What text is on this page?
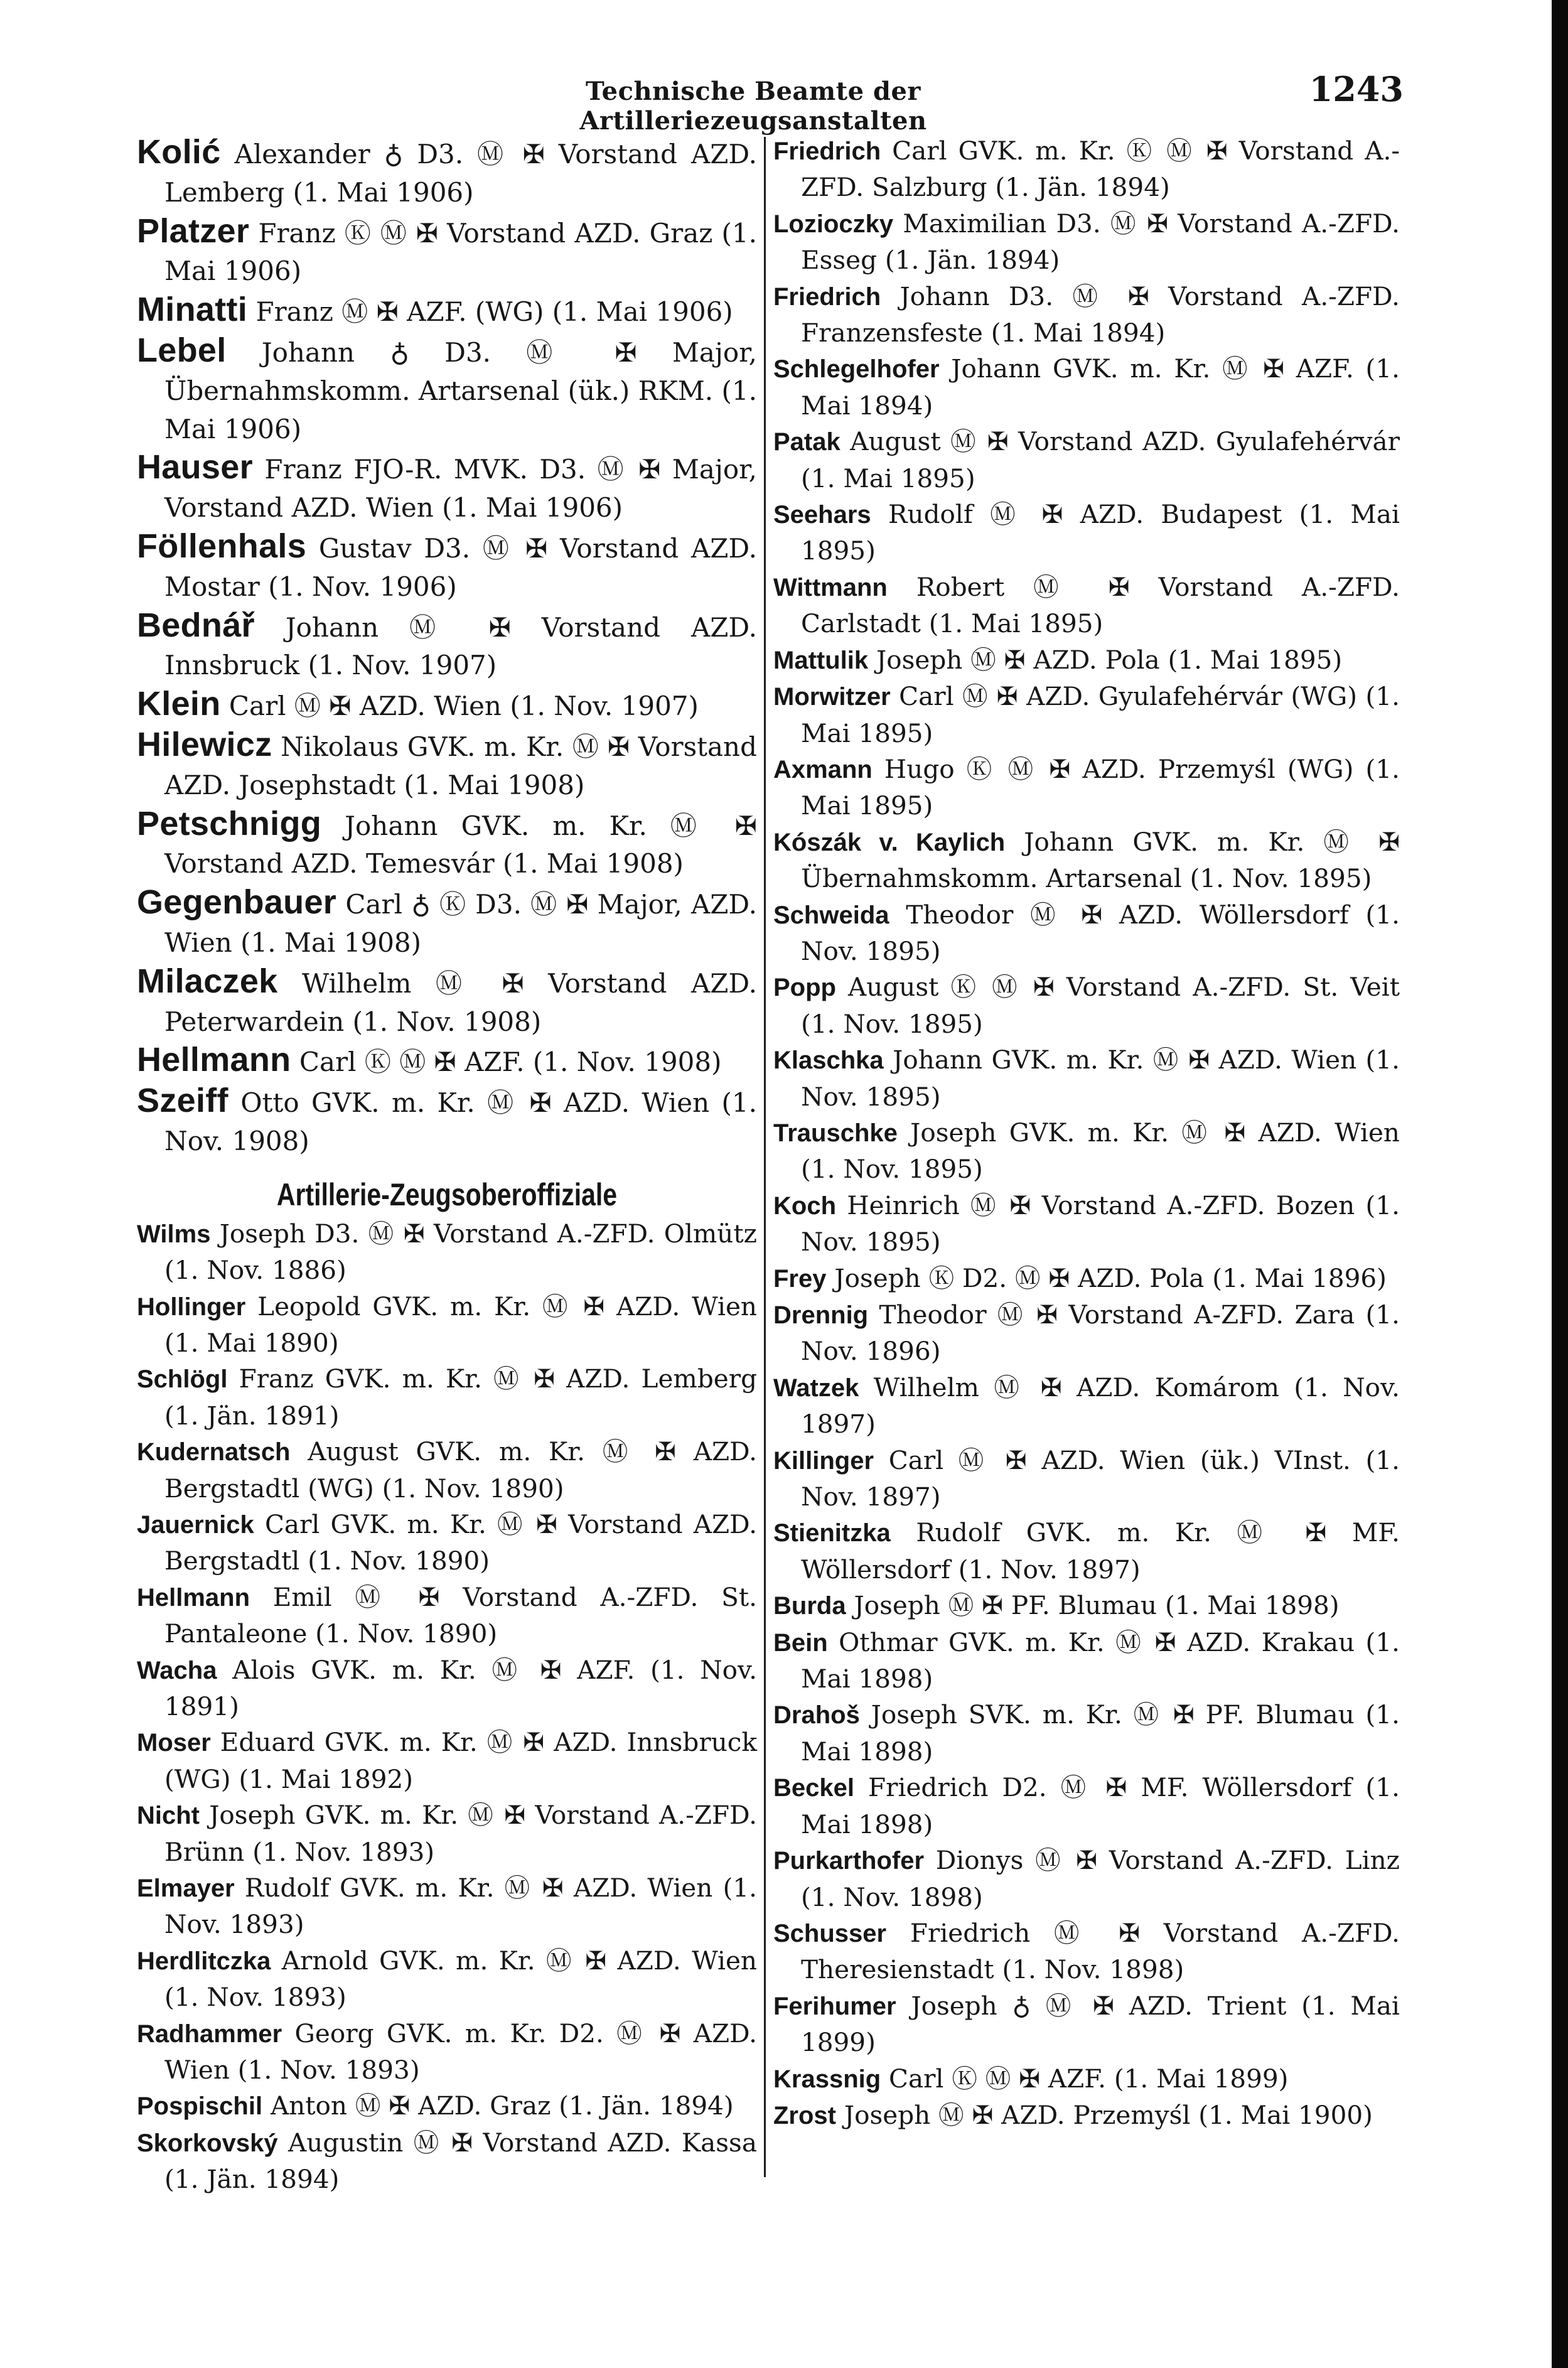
Technische Beamte der Artilleriezeugsanstalten
1243

Kolić Alexander ♁ D3. Ⓜ ✠ Vorstand AZD. Lemberg (1. Mai 1906)

Platzer Franz Ⓚ Ⓜ ✠ Vorstand AZD. Graz (1. Mai 1906)

Minatti Franz Ⓜ ✠ AZF. (WG) (1. Mai 1906)

Lebel Johann ♁ D3. Ⓜ ✠ Major, Übernahmskomm. Artarsenal (ük.) RKM. (1. Mai 1906)

Hauser Franz FJO-R. MVK. D3. Ⓜ ✠ Major, Vorstand AZD. Wien (1. Mai 1906)

Föllenhals Gustav D3. Ⓜ ✠ Vorstand AZD. Mostar (1. Nov. 1906)

Bednář Johann Ⓜ ✠ Vorstand AZD. Innsbruck (1. Nov. 1907)

Klein Carl Ⓜ ✠ AZD. Wien (1. Nov. 1907)

Hilewicz Nikolaus GVK. m. Kr. Ⓜ ✠ Vorstand AZD. Josephstadt (1. Mai 1908)

Petschnigg Johann GVK. m. Kr. Ⓜ ✠ Vorstand AZD. Temesvár (1. Mai 1908)

Gegenbauer Carl ♁ Ⓚ D3. Ⓜ ✠ Major, AZD. Wien (1. Mai 1908)

Milaczek Wilhelm Ⓜ ✠ Vorstand AZD. Peterwardein (1. Nov. 1908)

Hellmann Carl Ⓚ Ⓜ ✠ AZF. (1. Nov. 1908)

Szeiff Otto GVK. m. Kr. Ⓜ ✠ AZD. Wien (1. Nov. 1908)

Artillerie-Zeugsoberoffiziale

Wilms Joseph D3. Ⓜ ✠ Vorstand A.-ZFD. Olmütz (1. Nov. 1886)

Hollinger Leopold GVK. m. Kr. Ⓜ ✠ AZD. Wien (1. Mai 1890)

Schlögl Franz GVK. m. Kr. Ⓜ ✠ AZD. Lemberg (1. Jän. 1891)

Kudernatsch August GVK. m. Kr. Ⓜ ✠ AZD. Bergstadtl (WG) (1. Nov. 1890)

Jauernick Carl GVK. m. Kr. Ⓜ ✠ Vorstand AZD. Bergstadtl (1. Nov. 1890)

Hellmann Emil Ⓜ ✠ Vorstand A.-ZFD. St. Pantaleone (1. Nov. 1890)

Wacha Alois GVK. m. Kr. Ⓜ ✠ AZF. (1. Nov. 1891)

Moser Eduard GVK. m. Kr. Ⓜ ✠ AZD. Innsbruck (WG) (1. Mai 1892)

Nicht Joseph GVK. m. Kr. Ⓜ ✠ Vorstand A.-ZFD. Brünn (1. Nov. 1893)

Elmayer Rudolf GVK. m. Kr. Ⓜ ✠ AZD. Wien (1. Nov. 1893)

Herdlitczka Arnold GVK. m. Kr. Ⓜ ✠ AZD. Wien (1. Nov. 1893)

Radhammer Georg GVK. m. Kr. D2. Ⓜ ✠ AZD. Wien (1. Nov. 1893)

Pospischil Anton Ⓜ ✠ AZD. Graz (1. Jän. 1894)

Skorkovský Augustin Ⓜ ✠ Vorstand AZD. Kassa (1. Jän. 1894)

Friedrich Carl GVK. m. Kr. Ⓚ Ⓜ ✠ Vorstand A.-ZFD. Salzburg (1. Jän. 1894)

Lozioczky Maximilian D3. Ⓜ ✠ Vorstand A.-ZFD. Esseg (1. Jän. 1894)

Friedrich Johann D3. Ⓜ ✠ Vorstand A.-ZFD. Franzensfeste (1. Mai 1894)

Schlegelhofer Johann GVK. m. Kr. Ⓜ ✠ AZF. (1. Mai 1894)

Patak August Ⓜ ✠ Vorstand AZD. Gyulafehérvár (1. Mai 1895)

Seehars Rudolf Ⓜ ✠ AZD. Budapest (1. Mai 1895)

Wittmann Robert Ⓜ ✠ Vorstand A.-ZFD. Carlstadt (1. Mai 1895)

Mattulik Joseph Ⓜ ✠ AZD. Pola (1. Mai 1895)

Morwitzer Carl Ⓜ ✠ AZD. Gyulafehérvár (WG) (1. Mai 1895)

Axmann Hugo Ⓚ Ⓜ ✠ AZD. Przemyśl (WG) (1. Mai 1895)

Kószák v. Kaylich Johann GVK. m. Kr. Ⓜ ✠ Übernahmskomm. Artarsenal (1. Nov. 1895)

Schweida Theodor Ⓜ ✠ AZD. Wöllersdorf (1. Nov. 1895)

Popp August Ⓚ Ⓜ ✠ Vorstand A.-ZFD. St. Veit (1. Nov. 1895)

Klaschka Johann GVK. m. Kr. Ⓜ ✠ AZD. Wien (1. Nov. 1895)

Trauschke Joseph GVK. m. Kr. Ⓜ ✠ AZD. Wien (1. Nov. 1895)

Koch Heinrich Ⓜ ✠ Vorstand A.-ZFD. Bozen (1. Nov. 1895)

Frey Joseph Ⓚ D2. Ⓜ ✠ AZD. Pola (1. Mai 1896)

Drennig Theodor Ⓜ ✠ Vorstand A-ZFD. Zara (1. Nov. 1896)

Watzek Wilhelm Ⓜ ✠ AZD. Komárom (1. Nov. 1897)

Killinger Carl Ⓜ ✠ AZD. Wien (ük.) VInst. (1. Nov. 1897)

Stienitzka Rudolf GVK. m. Kr. Ⓜ ✠ MF. Wöllersdorf (1. Nov. 1897)

Burda Joseph Ⓜ ✠ PF. Blumau (1. Mai 1898)

Bein Othmar GVK. m. Kr. Ⓜ ✠ AZD. Krakau (1. Mai 1898)

Drahoš Joseph SVK. m. Kr. Ⓜ ✠ PF. Blumau (1. Mai 1898)

Beckel Friedrich D2. Ⓜ ✠ MF. Wöllersdorf (1. Mai 1898)

Purkarthofer Dionys Ⓜ ✠ Vorstand A.-ZFD. Linz (1. Nov. 1898)

Schusser Friedrich Ⓜ ✠ Vorstand A.-ZFD. Theresienstadt (1. Nov. 1898)

Ferihumer Joseph ♁ Ⓜ ✠ AZD. Trient (1. Mai 1899)

Krassnig Carl Ⓚ Ⓜ ✠ AZF. (1. Mai 1899)

Zrost Joseph Ⓜ ✠ AZD. Przemyśl (1. Mai 1900)
